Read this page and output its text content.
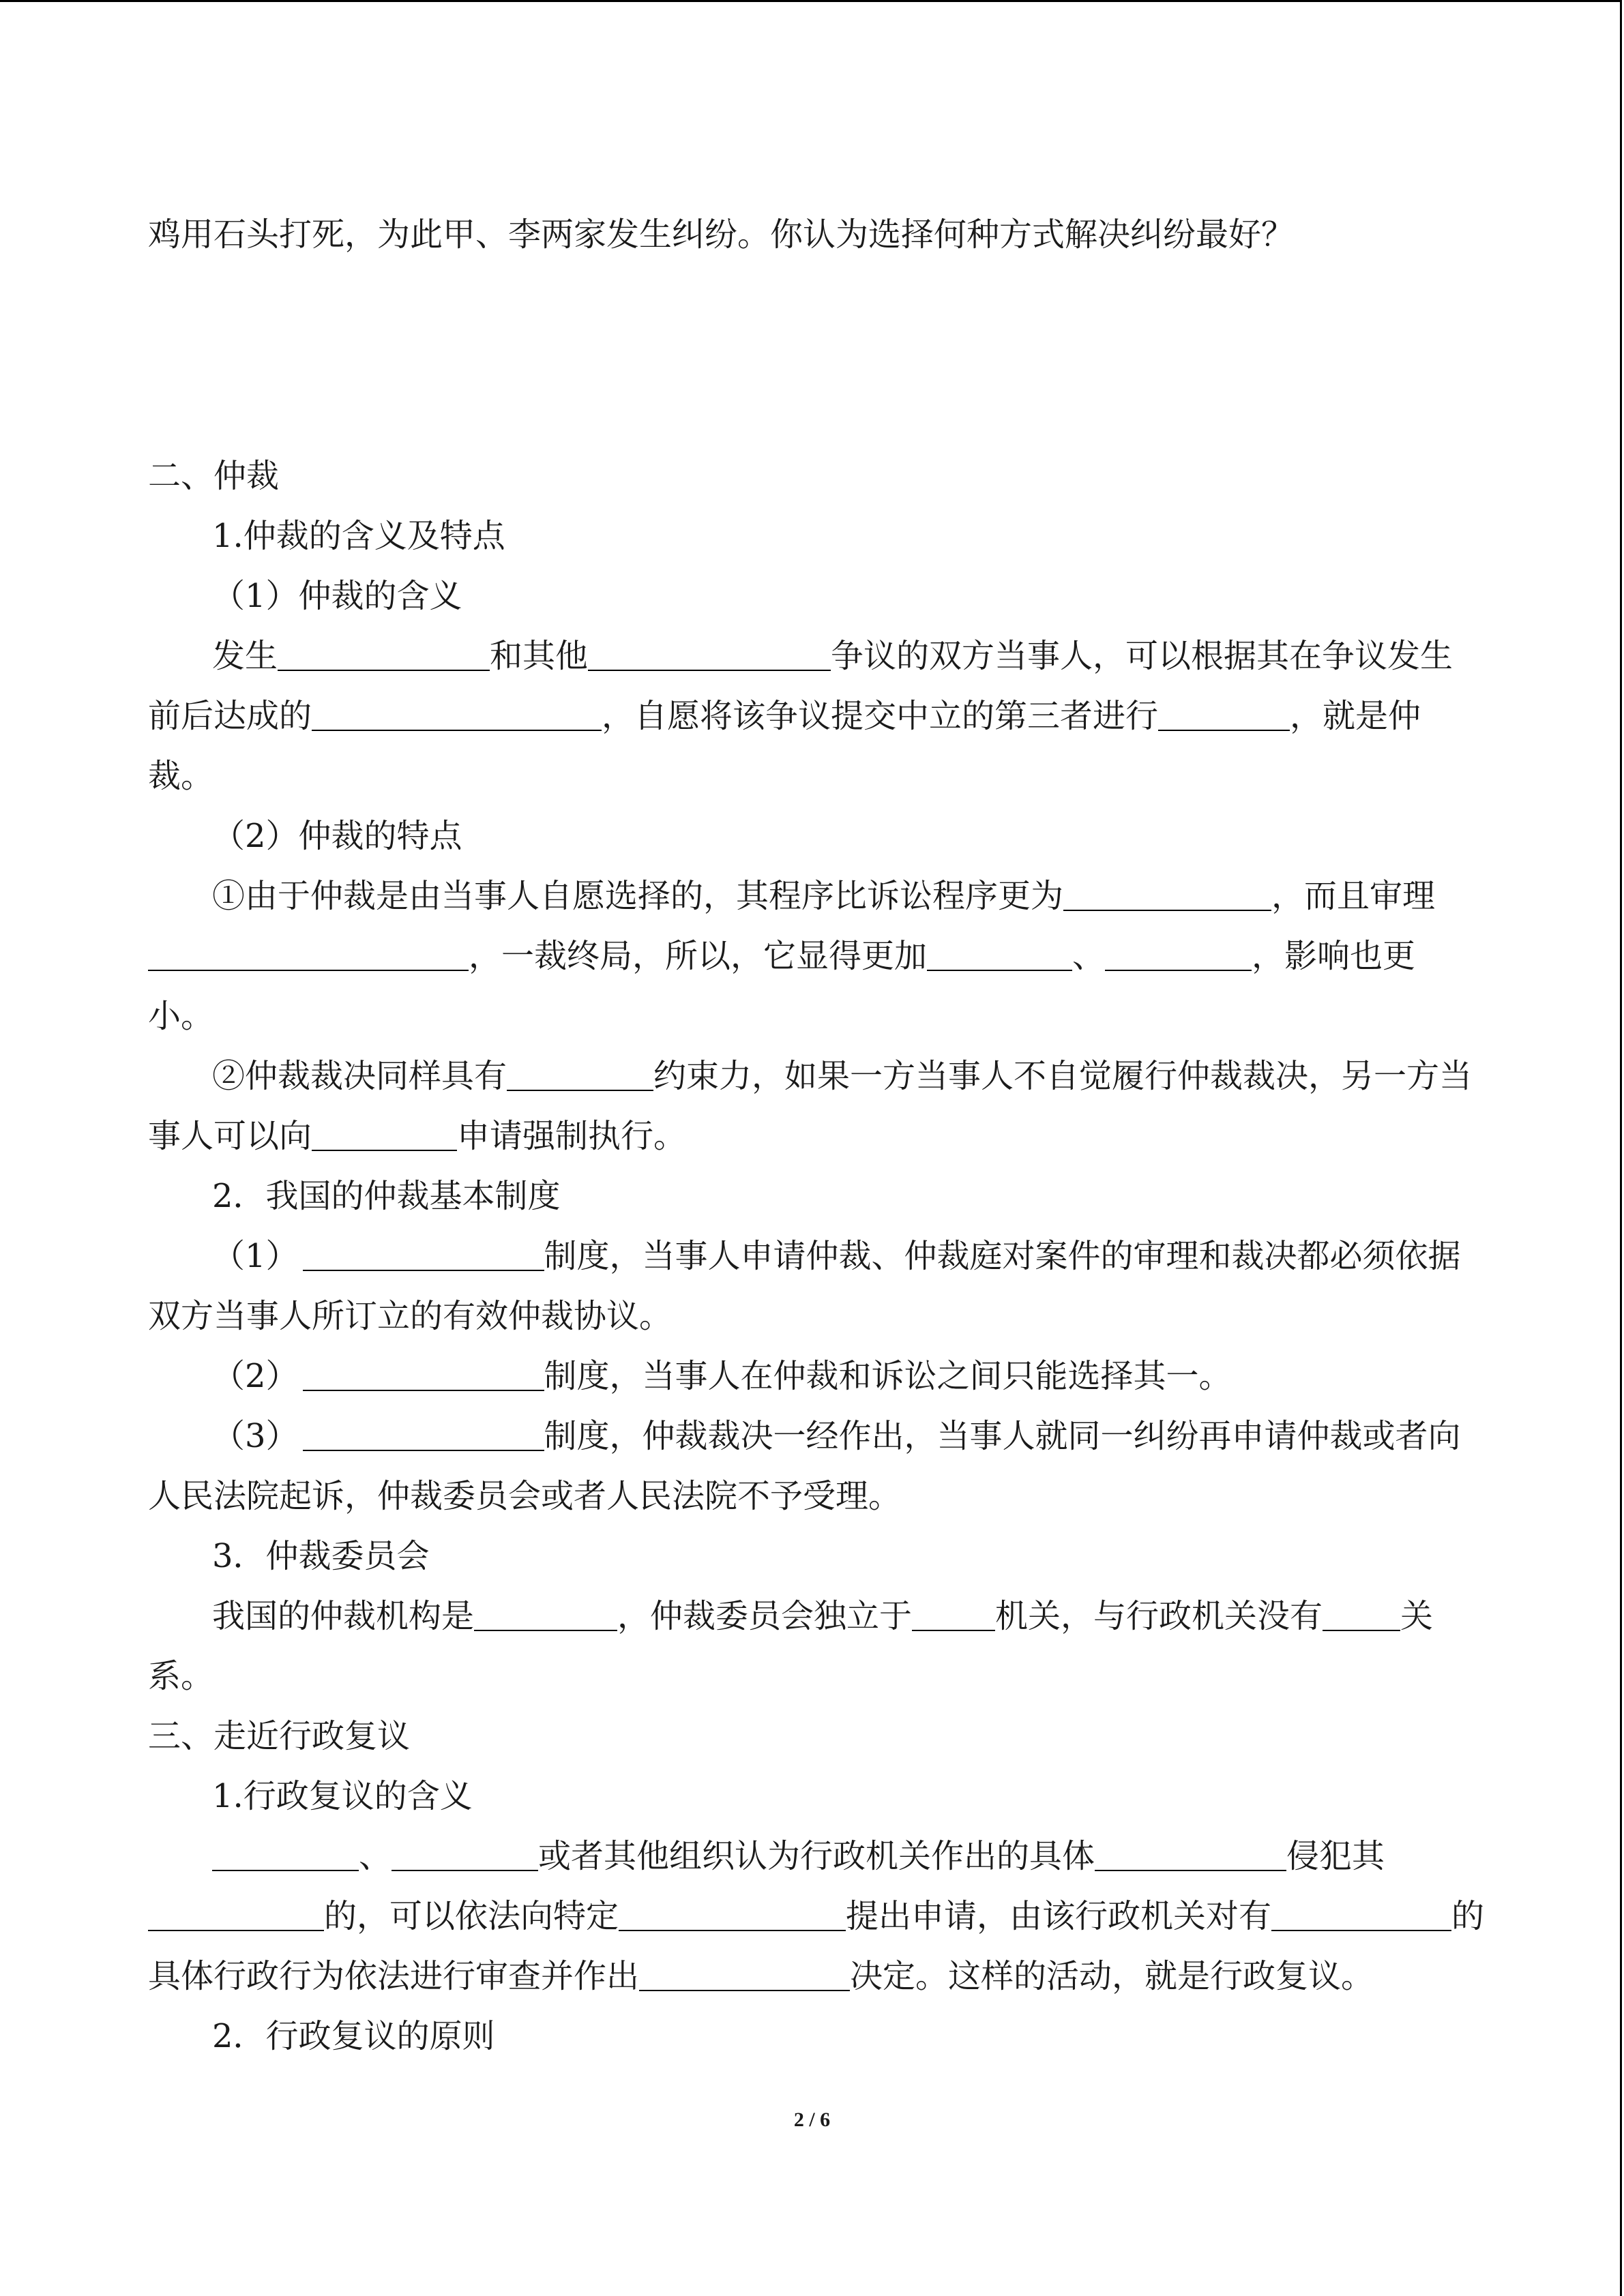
鸡用石头打死，为此甲、李两家发生纠纷。你认为选择何种方式解决纠纷最好？
二、仲裁
1.仲裁的含义及特点
（1）仲裁的含义
发生	和其他	争议的双方当事人，可以根据其在争议发生
前后达成的	，自愿将该争议提交中立的第三者进行	，就是仲
裁。
（2）仲裁的特点
①由于仲裁是由当事人自愿选择的，其程序比诉讼程序更为	，而且审理
，一裁终局，所以，它显得更加	、	，影响也更
小。
②仲裁裁决同样具有	约束力，如果一方当事人不自觉履行仲裁裁决，另一方当
事人可以向	申请强制执行。
2．我国的仲裁基本制度
（1）	制度，当事人申请仲裁、仲裁庭对案件的审理和裁决都必须依据
双方当事人所订立的有效仲裁协议。
（2）	制度，当事人在仲裁和诉讼之间只能选择其一。
（3）	制度，仲裁裁决一经作出，当事人就同一纠纷再申请仲裁或者向
人民法院起诉，仲裁委员会或者人民法院不予受理。
3．仲裁委员会
我国的仲裁机构是	，仲裁委员会独立于	机关，与行政机关没有 关
系。
三、走近行政复议
1.行政复议的含义
、	或者其他组织认为行政机关作出的具体	侵犯其
的，可以依法向特定	提出申请，由该行政机关对有	的
具体行政行为依法进行审查并作出	决定。这样的活动，就是行政复议。
2．行政复议的原则
2 / 6
